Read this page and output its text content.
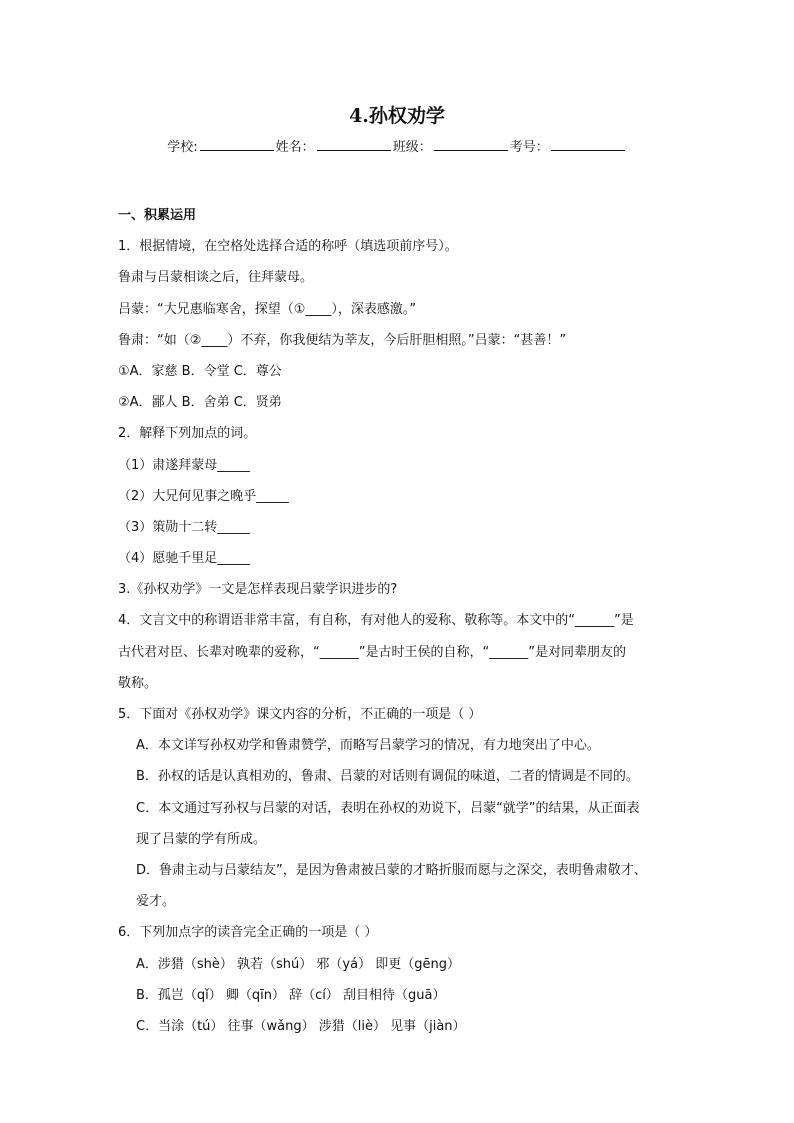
4.孙权劝学
学校:	姓名：	班级：	考号：
一、积累运用
1．根据情境，在空格处选择合适的称呼（填选项前序号）。
鲁肃与吕蒙相谈之后，往拜蒙母。
吕蒙：“大兄惠临寒舍，探望（①____），深表感激。”
鲁肃：“如（②____）不弃，你我便结为莘友，今后肝胆相照。”吕蒙：“甚善！”
①A．家慈 B．令堂 C．尊公
②A．鄙人 B．舍弟 C．贤弟
2．解释下列加点的词。
（1）肃遂拜蒙母_____
（2）大兄何见事之晚乎_____
（3）策勋十二转_____
（4）愿驰千里足_____
3.《孙权劝学》一文是怎样表现吕蒙学识进步的?
4．文言文中的称谓语非常丰富，有自称，有对他人的爱称、敬称等。本文中的“______”是
古代君对臣、长辈对晚辈的爱称，“______”是古时王侯的自称，“______”是对同辈朋友的
敬称。
5．下面对《孙权劝学》课文内容的分析，不正确的一项是（ ）
A．本文详写孙权劝学和鲁肃赞学，而略写吕蒙学习的情况，有力地突出了中心。
B．孙权的话是认真相劝的，鲁肃、吕蒙的对话则有调侃的味道，二者的情调是不同的。
C．本文通过写孙权与吕蒙的对话，表明在孙权的劝说下，吕蒙“就学”的结果，从正面表
现了吕蒙的学有所成。
D．鲁肃主动与吕蒙结友”，是因为鲁肃被吕蒙的才略折服而愿与之深交，表明鲁肃敬才、
爱才。
6．下列加点字的读音完全正确的一项是（ ）
A．涉猎（shè） 孰若（shú） 邪（yá） 即更（gēng）
B．孤岂（qǐ） 卿（qīn） 辞（cí） 刮目相待（guā）
C．当涂（tú） 往事（wǎng） 涉猎（liè） 见事（jiàn）
